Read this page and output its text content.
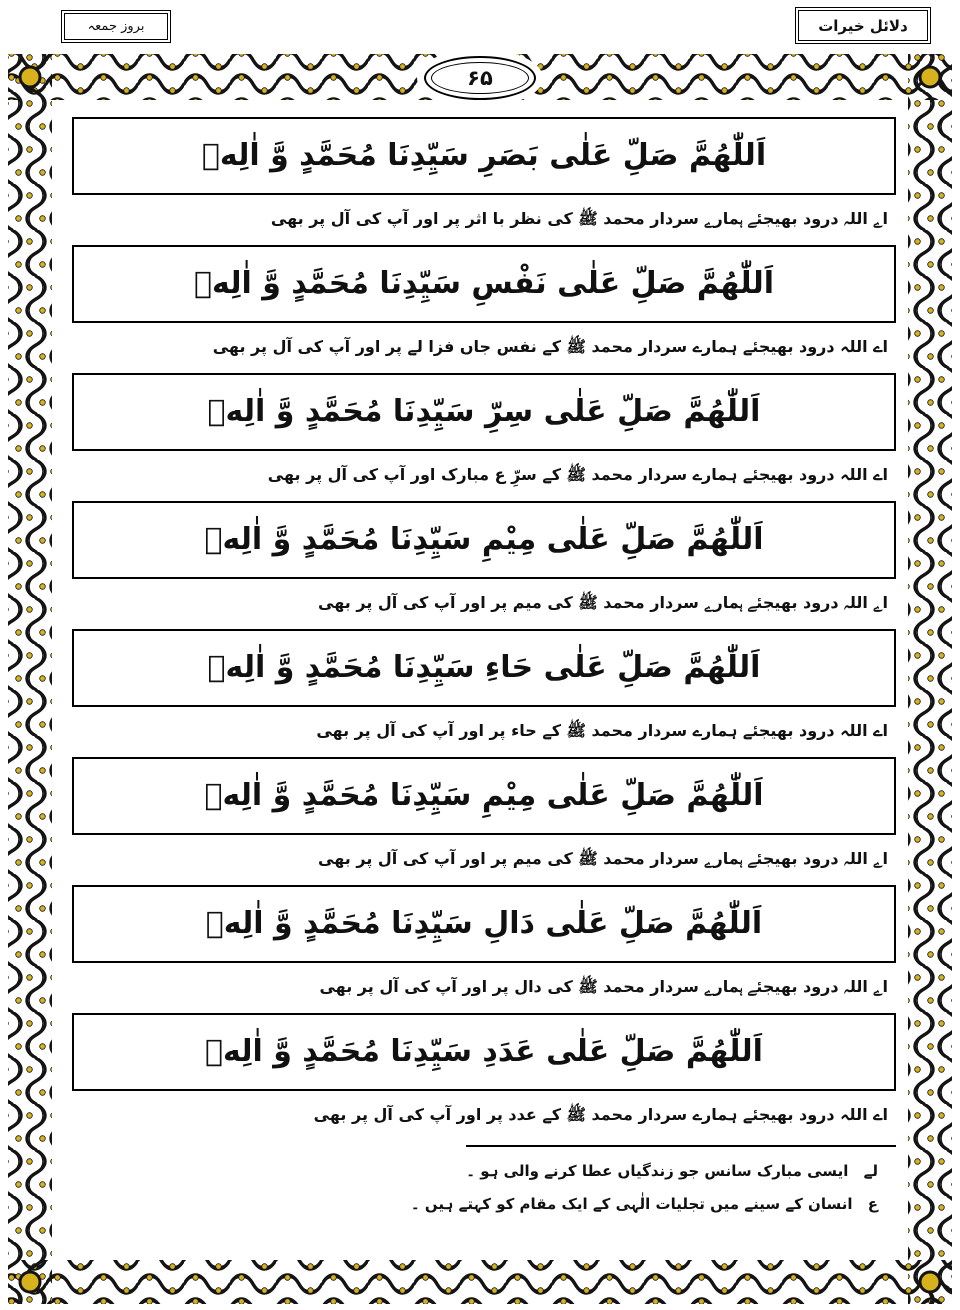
بروز جمعہ	دلائل خیرات
۶۵
اَللّٰهُمَّ صَلِّ عَلٰى بَصَرِ سَيِّدِنَا مُحَمَّدٍ وَّ اٰلِهٖ
اے اللہ درود بھیجئے ہمارے سردار محمد ﷺ کی نظر با اثر پر اور آپ کی آل پر بھی
اَللّٰهُمَّ صَلِّ عَلٰى نَفْسِ سَيِّدِنَا مُحَمَّدٍ وَّ اٰلِهٖ
اے اللہ درود بھیجئے ہمارے سردار محمد ﷺ کے نفس جاں فزا لے پر اور آپ کی آل پر بھی
اَللّٰهُمَّ صَلِّ عَلٰى سِرِّ سَيِّدِنَا مُحَمَّدٍ وَّ اٰلِهٖ
اے اللہ درود بھیجئے ہمارے سردار محمد ﷺ کے سرِّ ع مبارک اور آپ کی آل پر بھی
اَللّٰهُمَّ صَلِّ عَلٰى مِيْمِ سَيِّدِنَا مُحَمَّدٍ وَّ اٰلِهٖ
اے اللہ درود بھیجئے ہمارے سردار محمد ﷺ کی میم پر اور آپ کی آل پر بھی
اَللّٰهُمَّ صَلِّ عَلٰى حَاءِ سَيِّدِنَا مُحَمَّدٍ وَّ اٰلِهٖ
اے اللہ درود بھیجئے ہمارے سردار محمد ﷺ کے حاء پر اور آپ کی آل پر بھی
اَللّٰهُمَّ صَلِّ عَلٰى مِيْمِ سَيِّدِنَا مُحَمَّدٍ وَّ اٰلِهٖ
اے اللہ درود بھیجئے ہمارے سردار محمد ﷺ کی میم پر اور آپ کی آل پر بھی
اَللّٰهُمَّ صَلِّ عَلٰى دَالِ سَيِّدِنَا مُحَمَّدٍ وَّ اٰلِهٖ
اے اللہ درود بھیجئے ہمارے سردار محمد ﷺ کی دال پر اور آپ کی آل پر بھی
اَللّٰهُمَّ صَلِّ عَلٰى عَدَدِ سَيِّدِنَا مُحَمَّدٍ وَّ اٰلِهٖ
اے اللہ درود بھیجئے ہمارے سردار محمد ﷺ کے عدد پر اور آپ کی آل پر بھی
لے ایسی مبارک سانس جو زندگیاں عطا کرنے والی ہو ۔
ع انسان کے سینے میں تجلیات الٰہی کے ایک مقام کو کہتے ہیں ۔
